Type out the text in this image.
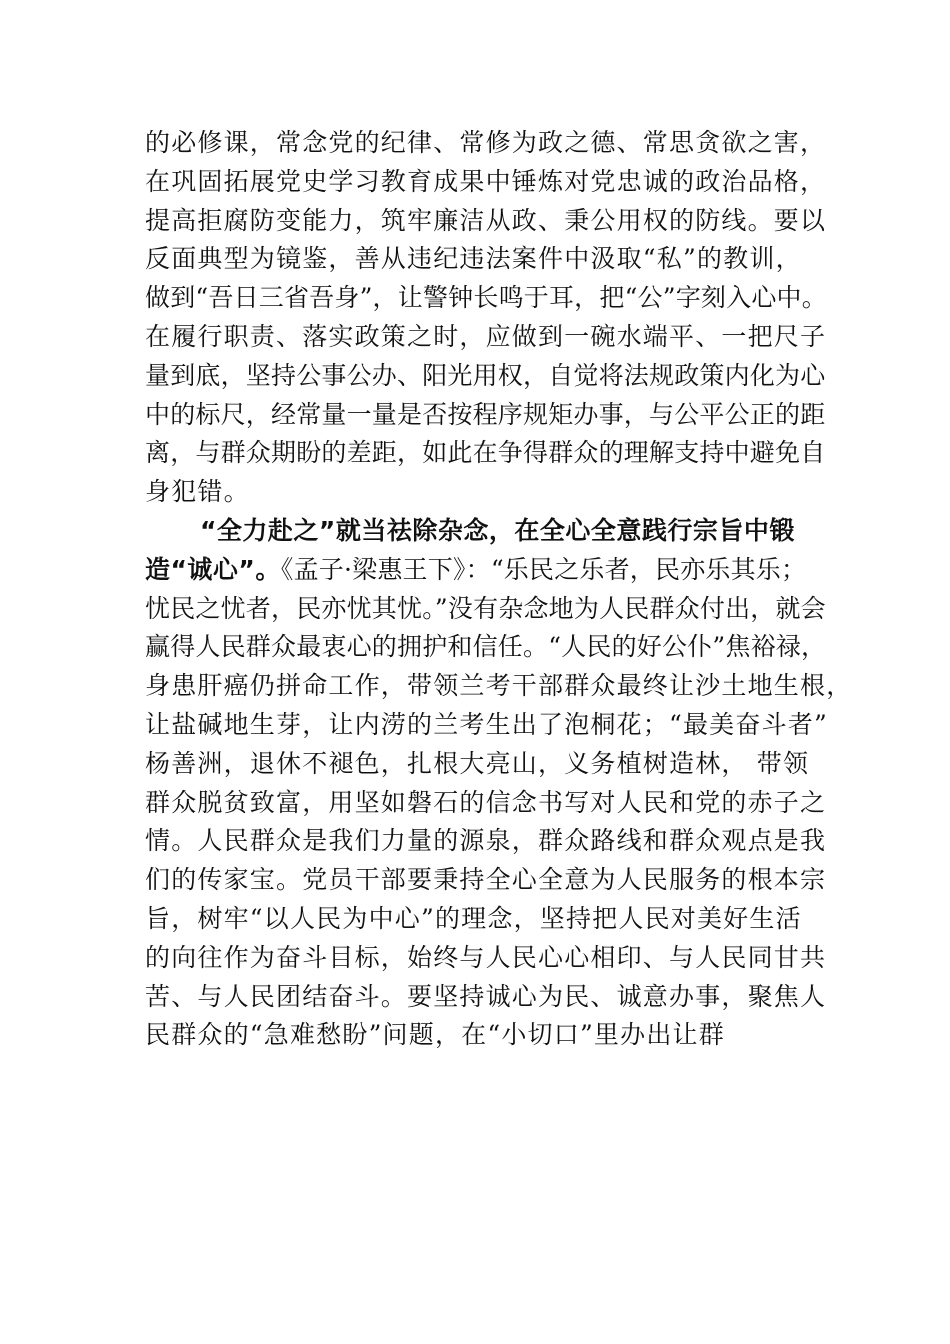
的必修课，常念党的纪律、常修为政之德、常思贪欲之害，
在巩固拓展党史学习教育成果中锤炼对党忠诚的政治品格，
提高拒腐防变能力，筑牢廉洁从政、秉公用权的防线。要以
反面典型为镜鉴，善从违纪违法案件中汲取“私”的教训，
做到“吾日三省吾身”，让警钟长鸣于耳，把“公”字刻入心中。
在履行职责、落实政策之时，应做到一碗水端平、一把尺子
量到底，坚持公事公办、阳光用权，自觉将法规政策内化为心
中的标尺，经常量一量是否按程序规矩办事，与公平公正的距
离，与群众期盼的差距，如此在争得群众的理解支持中避免自
身犯错。
“全力赴之”就当祛除杂念，在全心全意践行宗旨中锻
造“诚心”。《孟子·梁惠王下》：“乐民之乐者，民亦乐其乐；
忧民之忧者，民亦忧其忧。”没有杂念地为人民群众付出，就会
赢得人民群众最衷心的拥护和信任。“人民的好公仆”焦裕禄，
身患肝癌仍拼命工作，带领兰考干部群众最终让沙土地生根，
让盐碱地生芽，让内涝的兰考生出了泡桐花；“最美奋斗者”
杨善洲，退休不褪色，扎根大亮山，义务植树造林， 带领
群众脱贫致富，用坚如磐石的信念书写对人民和党的赤子之
情。人民群众是我们力量的源泉，群众路线和群众观点是我
们的传家宝。党员干部要秉持全心全意为人民服务的根本宗
旨，树牢“以人民为中心”的理念，坚持把人民对美好生活
的向往作为奋斗目标，始终与人民心心相印、与人民同甘共
苦、与人民团结奋斗。要坚持诚心为民、诚意办事，聚焦人
民群众的“急难愁盼”问题，在“小切口”里办出让群
